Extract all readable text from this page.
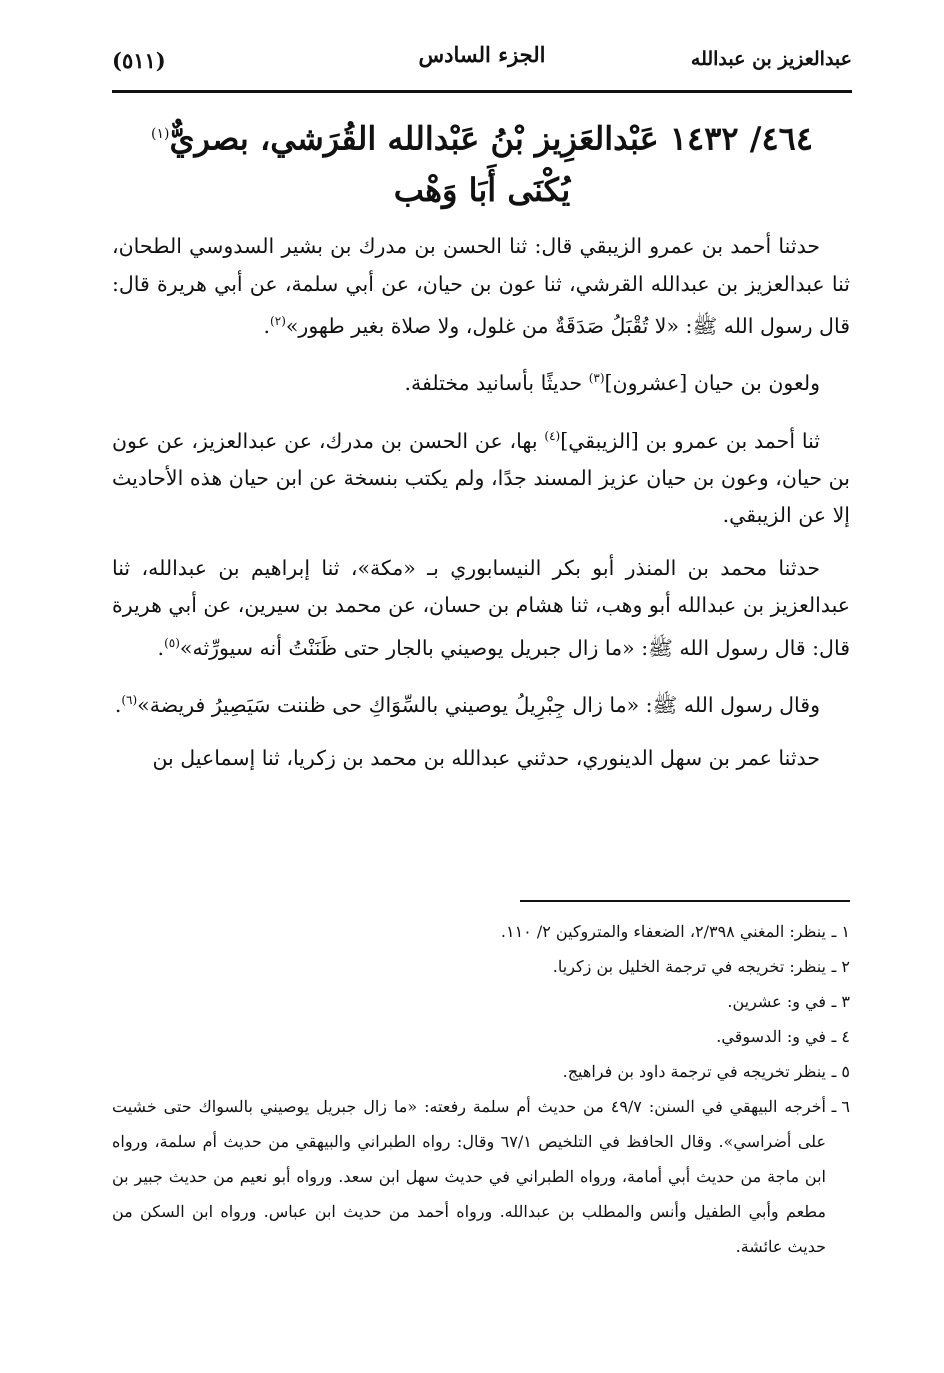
عبدالعزيز بن عبدالله
الجزء السادس
(٥١١)
٤٦٤/ ١٤٣٢ عَبْدالعَزِيز بْنُ عَبْدالله القُرَشي، بصريٌّ$^{(١)}$
يُكْنَى أَبَا وَهْب

حدثنا أحمد بن عمرو الزيبقي قال: ثنا الحسن بن مدرك بن بشير السدوسي الطحان، ثنا عبدالعزيز بن عبدالله القرشي، ثنا عون بن حيان، عن أبي سلمة، عن أبي هريرة قال: قال رسول الله ﷺ: «لا تُقْبَلُ صَدَقَةٌ من غلول، ولا صلاة بغير طهور»$^{(٢)}$.

ولعون بن حيان [عشرون]$^{(٣)}$ حديثًا بأسانيد مختلفة.

ثنا أحمد بن عمرو بن [الزيبقي]$^{(٤)}$ بها، عن الحسن بن مدرك، عن عبدالعزيز، عن عون بن حيان، وعون بن حيان عزيز المسند جدًا، ولم يكتب بنسخة عن ابن حيان هذه الأحاديث إلا عن الزيبقي.

حدثنا محمد بن المنذر أبو بكر النيسابوري بـ «مكة»، ثنا إبراهيم بن عبدالله، ثنا عبدالعزيز بن عبدالله أبو وهب، ثنا هشام بن حسان، عن محمد بن سيرين، عن أبي هريرة قال: قال رسول الله ﷺ: «ما زال جبريل يوصيني بالجار حتى ظَنَنْتُ أنه سيورِّثه»$^{(٥)}$.

وقال رسول الله ﷺ: «ما زال جِبْرِيلُ يوصيني بالسِّوَاكِ حى ظننت سَيَصِيرُ فريضة»$^{(٦)}$.

حدثنا عمر بن سهل الدينوري، حدثني عبدالله بن محمد بن زكريا، ثنا إسماعيل بن

١ ـ
ينظر: المغني ٢/٣٩٨، الضعفاء والمتروكين ٢/ ١١٠.
٢ ـ
ينظر: تخريجه في ترجمة الخليل بن زكريا.
٣ ـ
في و: عشرين.
٤ ـ
في و: الدسوقي.
٥ ـ
ينظر تخريجه في ترجمة داود بن فراهيج.
٦ ـ
أخرجه البيهقي في السنن: ٤٩/٧ من حديث أم سلمة رفعته: «ما زال جبريل يوصيني بالسواك حتى خشيت على أضراسي». وقال الحافظ في التلخيص ٦٧/١ وقال: رواه الطبراني والبيهقي من حديث أم سلمة، ورواه ابن ماجة من حديث أبي أمامة، ورواه الطبراني في حديث سهل ابن سعد. ورواه أبو نعيم من حديث جبير بن مطعم وأبي الطفيل وأنس والمطلب بن عبدالله. ورواه أحمد من حديث ابن عباس. ورواه ابن السكن من حديث عائشة.
